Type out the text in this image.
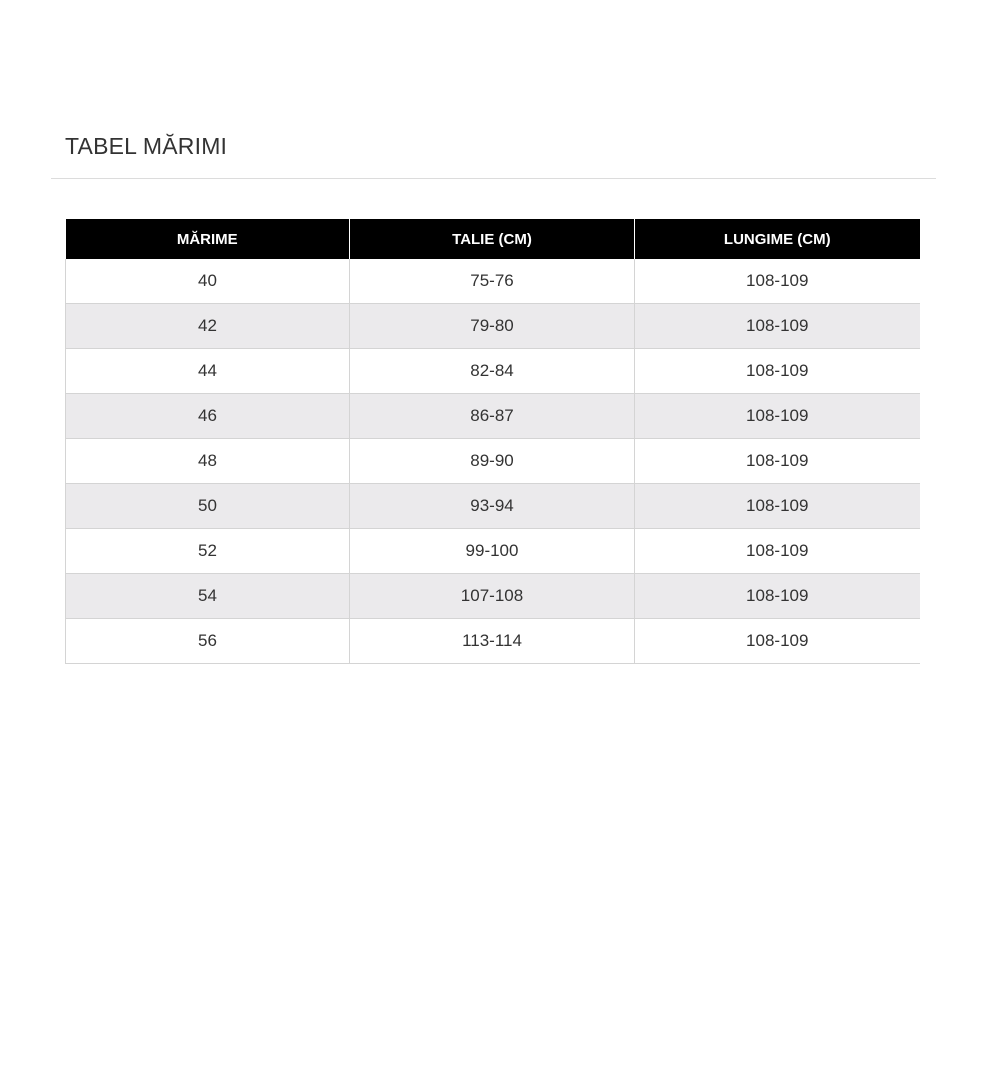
TABEL MĂRIMI
MĂRIME	TALIE (CM)	LUNGIME (CM)
40	75-76	108-109
42	79-80	108-109
44	82-84	108-109
46	86-87	108-109
48	89-90	108-109
50	93-94	108-109
52	99-100	108-109
54	107-108	108-109
56	113-114	108-109
